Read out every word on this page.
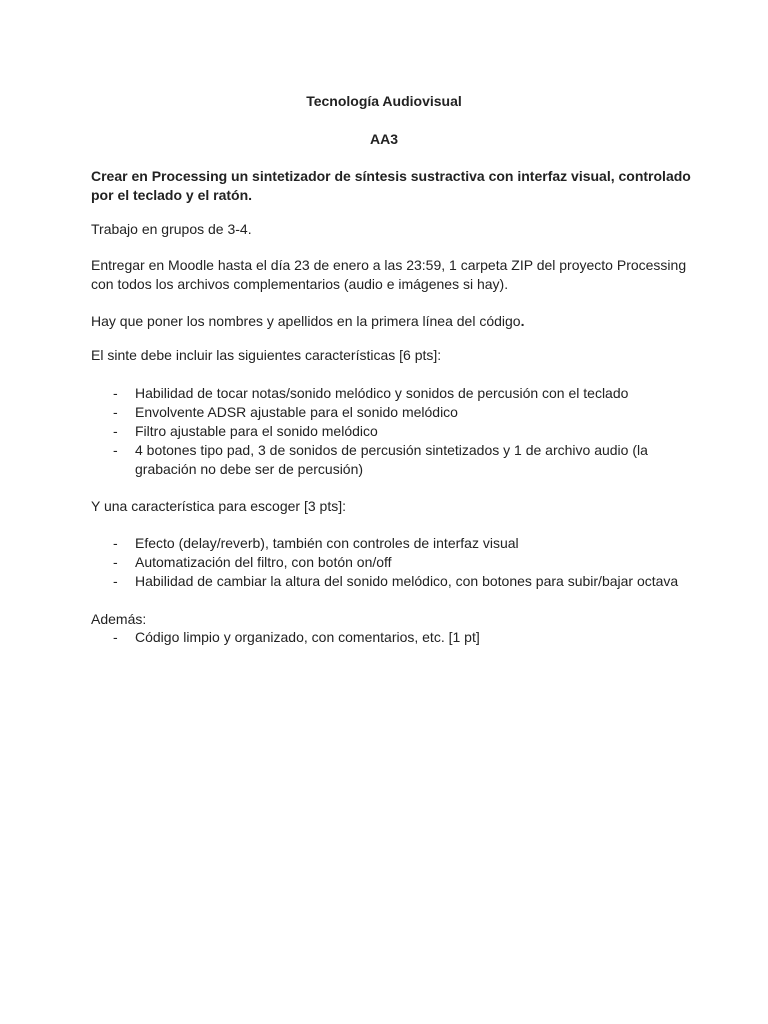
Tecnología Audiovisual
AA3

Crear en Processing un sintetizador de síntesis sustractiva con interfaz visual, controlado por el teclado y el ratón.

Trabajo en grupos de 3-4.

Entregar en Moodle hasta el día 23 de enero a las 23:59, 1 carpeta ZIP del proyecto Processing con todos los archivos complementarios (audio e imágenes si hay).

Hay que poner los nombres y apellidos en la primera línea del código.

El sinte debe incluir las siguientes características [6 pts]:

- Habilidad de tocar notas/sonido melódico y sonidos de percusión con el teclado
- Envolvente ADSR ajustable para el sonido melódico
- Filtro ajustable para el sonido melódico
- 4 botones tipo pad, 3 de sonidos de percusión sintetizados y 1 de archivo audio (la grabación no debe ser de percusión)

Y una característica para escoger [3 pts]:

- Efecto (delay/reverb), también con controles de interfaz visual
- Automatización del filtro, con botón on/off
- Habilidad de cambiar la altura del sonido melódico, con botones para subir/bajar octava

Además:

- Código limpio y organizado, con comentarios, etc. [1 pt]
